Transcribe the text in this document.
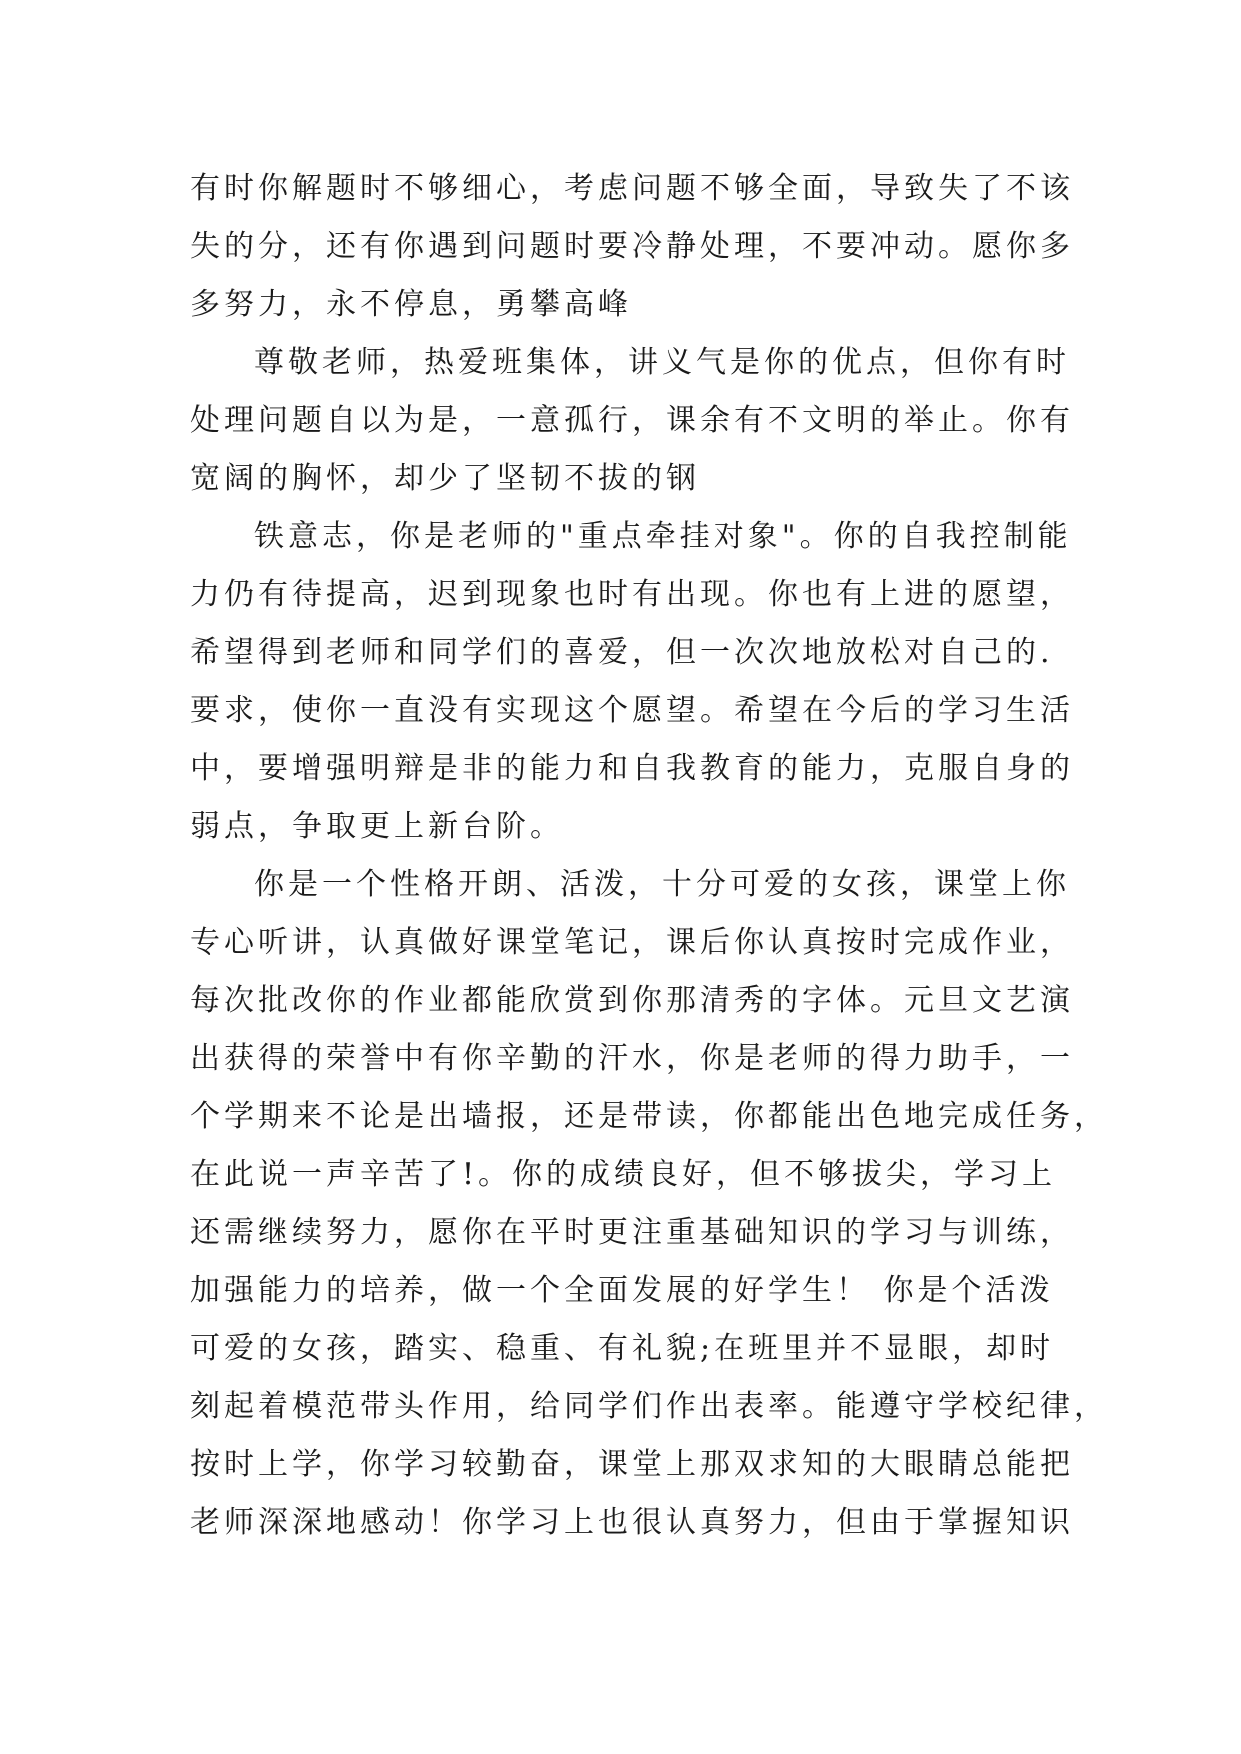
有时你解题时不够细心，考虑问题不够全面，导致失了不该
失的分，还有你遇到问题时要冷静处理，不要冲动。愿你多
多努力，永不停息，勇攀高峰
尊敬老师，热爱班集体，讲义气是你的优点，但你有时
处理问题自以为是，一意孤行，课余有不文明的举止。你有
宽阔的胸怀，却少了坚韧不拔的钢
铁意志，你是老师的"重点牵挂对象"。你的自我控制能
力仍有待提高，迟到现象也时有出现。你也有上进的愿望，
希望得到老师和同学们的喜爱，但一次次地放松对自己的.
要求，使你一直没有实现这个愿望。希望在今后的学习生活
中，要增强明辩是非的能力和自我教育的能力，克服自身的
弱点，争取更上新台阶。
你是一个性格开朗、活泼，十分可爱的女孩，课堂上你
专心听讲，认真做好课堂笔记，课后你认真按时完成作业，
每次批改你的作业都能欣赏到你那清秀的字体。元旦文艺演
出获得的荣誉中有你辛勤的汗水，你是老师的得力助手，一
个学期来不论是出墙报，还是带读，你都能出色地完成任务，
在此说一声辛苦了!。你的成绩良好，但不够拔尖，学习上
还需继续努力，愿你在平时更注重基础知识的学习与训练，
加强能力的培养，做一个全面发展的好学生！ 你是个活泼
可爱的女孩，踏实、稳重、有礼貌;在班里并不显眼，却时
刻起着模范带头作用，给同学们作出表率。能遵守学校纪律，
按时上学，你学习较勤奋，课堂上那双求知的大眼睛总能把
老师深深地感动！你学习上也很认真努力，但由于掌握知识
